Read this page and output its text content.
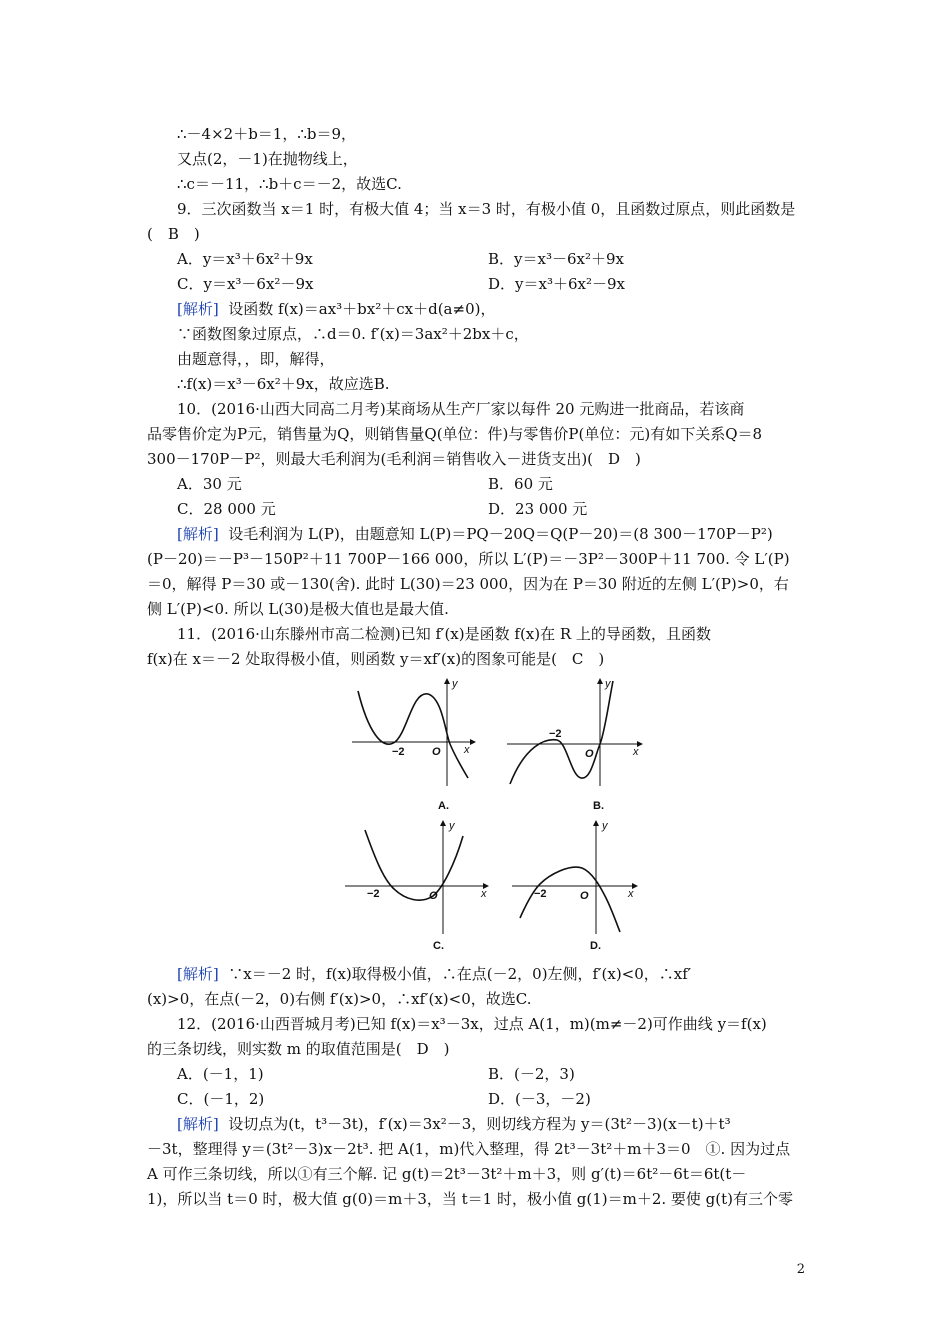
∴－4×2＋b＝1，∴b＝9，
又点(2，－1)在抛物线上，
∴c＝－11，∴b＋c＝－2，故选C.
9．三次函数当 x＝1 时，有极大值 4；当 x＝3 时，有极小值 0，且函数过原点，则此函数是
(　B　)
A．y＝x³＋6x²＋9x	B．y＝x³－6x²＋9x
C．y＝x³－6x²－9x	D．y＝x³＋6x²－9x
[解析] 设函数 f(x)＝ax³＋bx²＋cx＋d(a≠0)，
∵函数图象过原点，∴d＝0. f′(x)＝3ax²＋2bx＋c，
由题意得，，即，解得，
∴f(x)＝x³－6x²＋9x，故应选B.
10．(2016·山西大同高二月考)某商场从生产厂家以每件 20 元购进一批商品，若该商
品零售价定为P元，销售量为Q，则销售量Q(单位：件)与零售价P(单位：元)有如下关系Q＝8
300－170P－P²，则最大毛利润为(毛利润＝销售收入－进货支出)(　D　)
A．30 元	B．60 元
C．28 000 元	D．23 000 元
[解析] 设毛利润为 L(P)，由题意知 L(P)＝PQ－20Q＝Q(P－20)＝(8 300－170P－P²)
(P－20)＝－P³－150P²＋11 700P－166 000，所以 L′(P)＝－3P²－300P＋11 700. 令 L′(P)
＝0，解得 P＝30 或－130(舍). 此时 L(30)＝23 000，因为在 P＝30 附近的左侧 L′(P)>0，右
侧 L′(P)<0. 所以 L(30)是极大值也是最大值.
11．(2016·山东滕州市高二检测)已知 f′(x)是函数 f(x)在 R 上的导函数，且函数
f(x)在 x＝－2 处取得极小值，则函数 y＝xf′(x)的图象可能是(　C　)
−2 O x
y
A.
−2
O	x
y
B.
−2	O	x
y
C.
−2	O	x
y
D.
[解析] ∵x＝－2 时，f(x)取得极小值，∴在点(－2，0)左侧，f′(x)<0，∴xf′
(x)>0，在点(－2，0)右侧 f′(x)>0，∴xf′(x)<0，故选C.
12．(2016·山西晋城月考)已知 f(x)＝x³－3x，过点 A(1，m)(m≠－2)可作曲线 y＝f(x)
的三条切线，则实数 m 的取值范围是(　D　)
A．(－1，1)	B．(－2，3)
C．(－1，2)	D．(－3，－2)
[解析] 设切点为(t，t³－3t)，f′(x)＝3x²－3，则切线方程为 y＝(3t²－3)(x－t)＋t³
－3t，整理得 y＝(3t²－3)x－2t³. 把 A(1，m)代入整理，得 2t³－3t²＋m＋3＝0　①. 因为过点
A 可作三条切线，所以①有三个解. 记 g(t)＝2t³－3t²＋m＋3，则 g′(t)＝6t²－6t＝6t(t－
1)，所以当 t＝0 时，极大值 g(0)＝m＋3，当 t＝1 时，极小值 g(1)＝m＋2. 要使 g(t)有三个零
2
